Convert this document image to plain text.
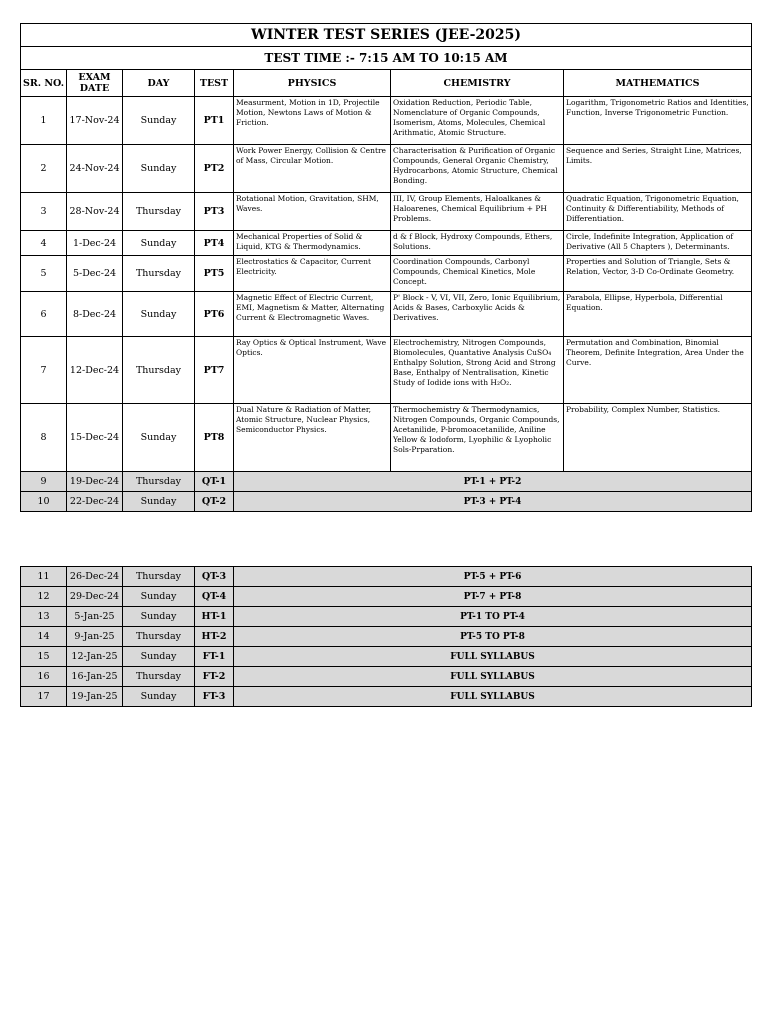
WINTER TEST SERIES (JEE-2025)						
TEST TIME :- 7:15 AM TO 10:15 AM						
SR. NO.	EXAM DATE	DAY	TEST	PHYSICS	CHEMISTRY	MATHEMATICS
1	17-Nov-24	Sunday	PT1	Measurment, Motion in 1D, Projectile Motion, Newtons Laws of Motion & Friction.	Oxidation Reduction, Periodic Table, Nomenclature of Organic Compounds, Isomerism, Atoms, Molecules, Chemical Arithmatic, Atomic Structure.	Logarithm, Trigonometric Ratios and Identities, Function, Inverse Trigonometric Function.
2	24-Nov-24	Sunday	PT2	Work Power Energy, Collision & Centre of Mass, Circular Motion.	Characterisation & Purification of Organic Compounds, General Organic Chemistry, Hydrocarbons, Atomic Structure, Chemical Bonding.	Sequence and Series, Straight Line, Matrices, Limits.
3	28-Nov-24	Thursday	PT3	Rotational Motion, Gravitation, SHM, Waves.	III, IV, Group Elements, Haloalkanes & Haloarenes, Chemical Equilibrium + PH Problems.	Quadratic Equation, Trigonometric Equation, Continuity & Differentiability, Methods of Differentiation.
4	1-Dec-24	Sunday	PT4	Mechanical Properties of Solid & Liquid, KTG & Thermodynamics.	d & f Block, Hydroxy Compounds, Ethers, Solutions.	Circle, Indefinite Integration, Application of Derivative (All 5 Chapters ), Determinants.
5	5-Dec-24	Thursday	PT5	Electrostatics & Capacitor, Current Electricity.	Coordination Compounds, Carbonyl Compounds, Chemical Kinetics, Mole Concept.	Properties and Solution of Triangle, Sets & Relation, Vector, 3-D Co-Ordinate Geometry.
6	8-Dec-24	Sunday	PT6	Magnetic Effect of Electric Current, EMI, Magnetism & Matter, Alternating Current & Electromagnetic Waves.	P' Block - V, VI, VII, Zero, Ionic Equilibrium, Acids & Bases, Carboxylic Acids & Derivatives.	Parabola, Ellipse, Hyperbola, Differential Equation.
7	12-Dec-24	Thursday	PT7	Ray Optics & Optical Instrument, Wave Optics.	Electrochemistry, Nitrogen Compounds, Biomolecules, Quantative Analysis CuSO₄ Enthalpy Solution, Strong Acid and Strong Base, Enthalpy of Nentralisation, Kinetic Study of Iodide ions with H₂O₂.	Permutation and Combination, Binomial Theorem, Definite Integration, Area Under the Curve.
8	15-Dec-24	Sunday	PT8	Dual Nature & Radiation of Matter, Atomic Structure, Nuclear Physics, Semiconductor Physics.	Thermochemistry & Thermodynamics, Nitrogen Compounds, Organic Compounds, Acetanilide, P-bromoacetanilide, Aniline Yellow & Iodoform, Lyophilic & Lyopholic Sols-Prparation.	Probability, Complex Number, Statistics.
9	19-Dec-24	Thursday	QT-1	PT-1 + PT-2		
10	22-Dec-24	Sunday	QT-2	PT-3 + PT-4		
11	26-Dec-24	Thursday	QT-3	PT-5 + PT-6
12	29-Dec-24	Sunday	QT-4	PT-7 + PT-8
13	5-Jan-25	Sunday	HT-1	PT-1 TO PT-4
14	9-Jan-25	Thursday	HT-2	PT-5 TO PT-8
15	12-Jan-25	Sunday	FT-1	FULL SYLLABUS
16	16-Jan-25	Thursday	FT-2	FULL SYLLABUS
17	19-Jan-25	Sunday	FT-3	FULL SYLLABUS
